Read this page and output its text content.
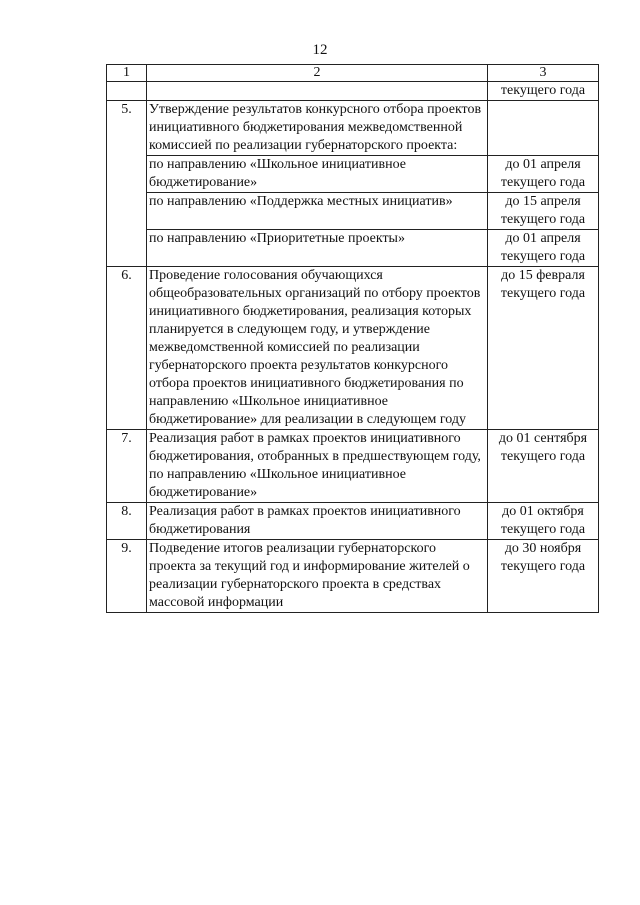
12
1	2	3
		текущего года
5.	Утверждение результатов конкурсного отбора проектов инициативного бюджетирования межведомственной комиссией по реализации губернаторского проекта:	
	по направлению «Школьное инициативное бюджетирование»	до 01 апреля текущего года
	по направлению «Поддержка местных инициатив»	до 15 апреля текущего года
	по направлению «Приоритетные проекты»	до 01 апреля текущего года
6.	Проведение голосования обучающихся общеобразовательных организаций по отбору проектов инициативного бюджетирования, реализация которых планируется в следующем году, и утверждение межведомственной комиссией по реализации губернаторского проекта результатов конкурсного отбора проектов инициативного бюджетирования по направлению «Школьное инициативное бюджетирование» для реализации в следующем году	до 15 февраля текущего года
7.	Реализация работ в рамках проектов инициативного бюджетирования, отобранных в предшествующем году, по направлению «Школьное инициативное бюджетирование»	до 01 сентября текущего года
8.	Реализация работ в рамках проектов инициативного бюджетирования	до 01 октября текущего года
9.	Подведение итогов реализации губернаторского проекта за текущий год и информирование жителей о реализации губернаторского проекта в средствах массовой информации	до 30 ноября текущего года
